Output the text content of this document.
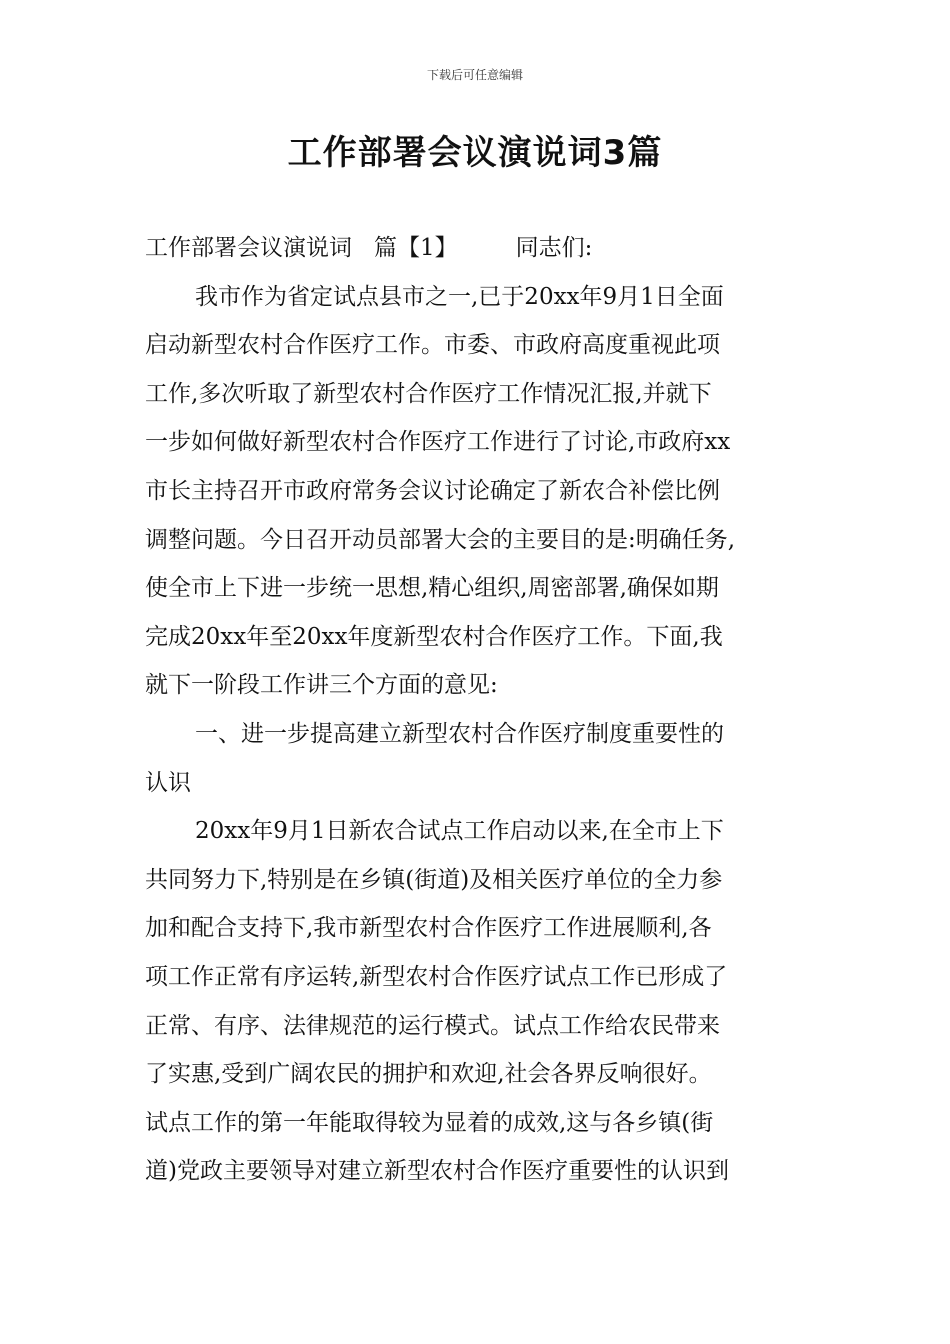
下载后可任意编辑
工作部署会议演说词3篇

工作部署会议演说词 篇【1】	同志们:

我市作为省定试点县市之一,已于20xx年9月1日全面

启动新型农村合作医疗工作。市委、市政府高度重视此项

工作,多次听取了新型农村合作医疗工作情况汇报,并就下

一步如何做好新型农村合作医疗工作进行了讨论,市政府xx

市长主持召开市政府常务会议讨论确定了新农合补偿比例

调整问题。今日召开动员部署大会的主要目的是:明确任务,

使全市上下进一步统一思想,精心组织,周密部署,确保如期

完成20xx年至20xx年度新型农村合作医疗工作。下面,我

就下一阶段工作讲三个方面的意见:

一、进一步提高建立新型农村合作医疗制度重要性的

认识

20xx年9月1日新农合试点工作启动以来,在全市上下

共同努力下,特别是在乡镇(街道)及相关医疗单位的全力参

加和配合支持下,我市新型农村合作医疗工作进展顺利,各

项工作正常有序运转,新型农村合作医疗试点工作已形成了

正常、有序、法律规范的运行模式。试点工作给农民带来

了实惠,受到广阔农民的拥护和欢迎,社会各界反响很好。

试点工作的第一年能取得较为显着的成效,这与各乡镇(街

道)党政主要领导对建立新型农村合作医疗重要性的认识到
